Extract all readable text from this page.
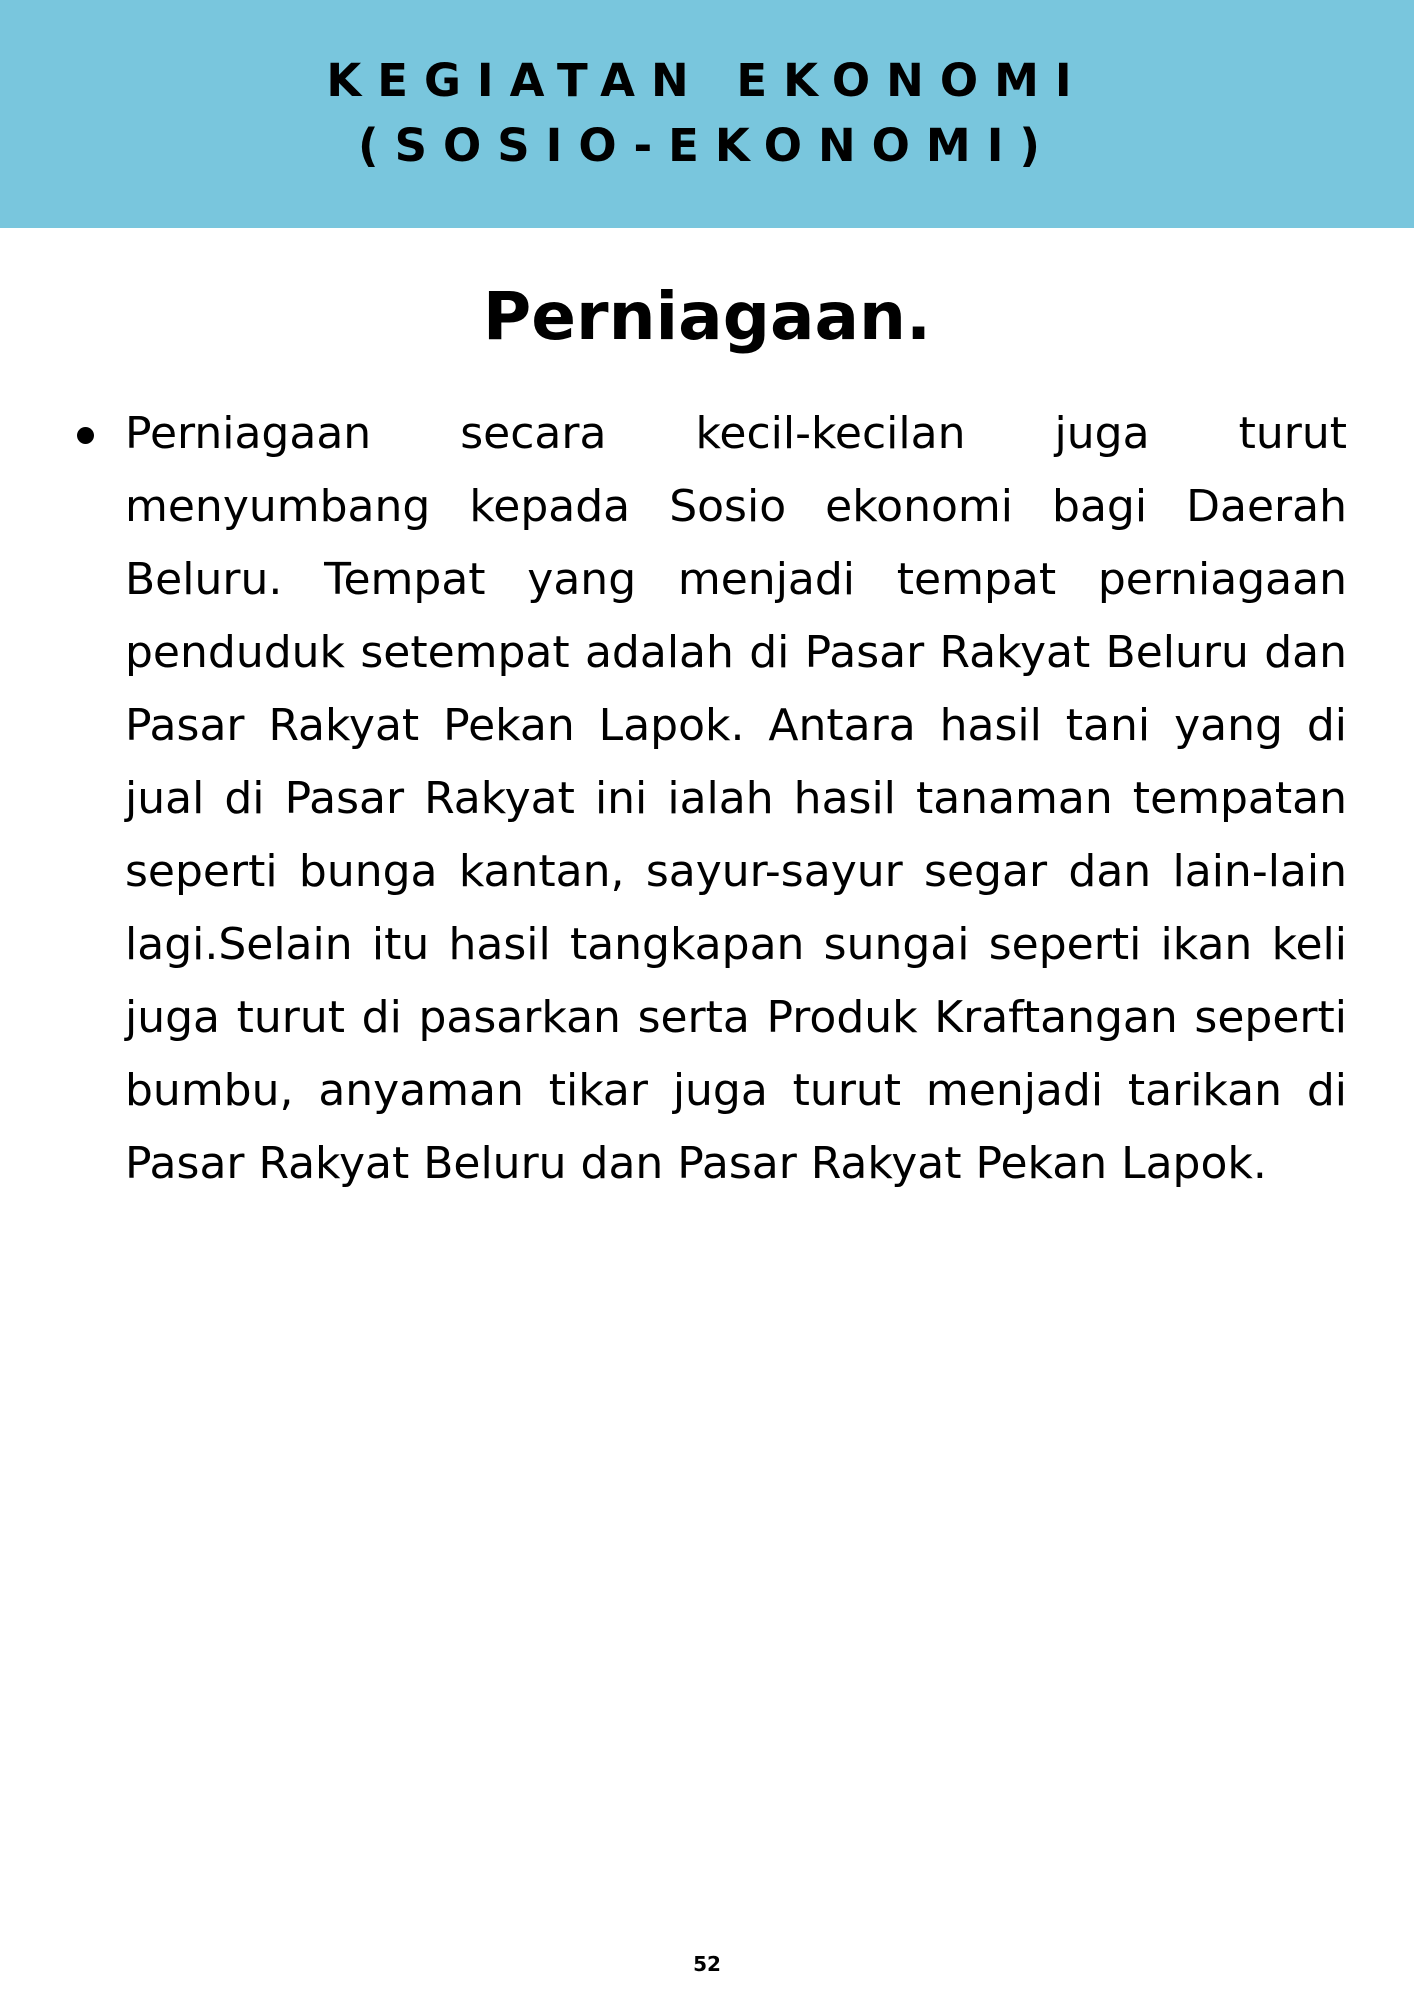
KEGIATAN EKONOMI
(SOSIO-EKONOMI)
Perniagaan.

Perniagaan secara kecil-kecilan juga turut menyumbang kepada Sosio ekonomi bagi Daerah Beluru. Tempat yang menjadi tempat perniagaan penduduk setempat adalah di Pasar Rakyat Beluru dan Pasar Rakyat Pekan Lapok. Antara hasil tani yang di jual di Pasar Rakyat ini ialah hasil tanaman tempatan seperti bunga kantan, sayur-sayur segar dan lain-lain lagi.Selain itu hasil tangkapan sungai seperti ikan keli juga turut di pasarkan serta Produk Kraftangan seperti bumbu, anyaman tikar juga turut menjadi tarikan di Pasar Rakyat Beluru dan Pasar Rakyat Pekan Lapok.

52
